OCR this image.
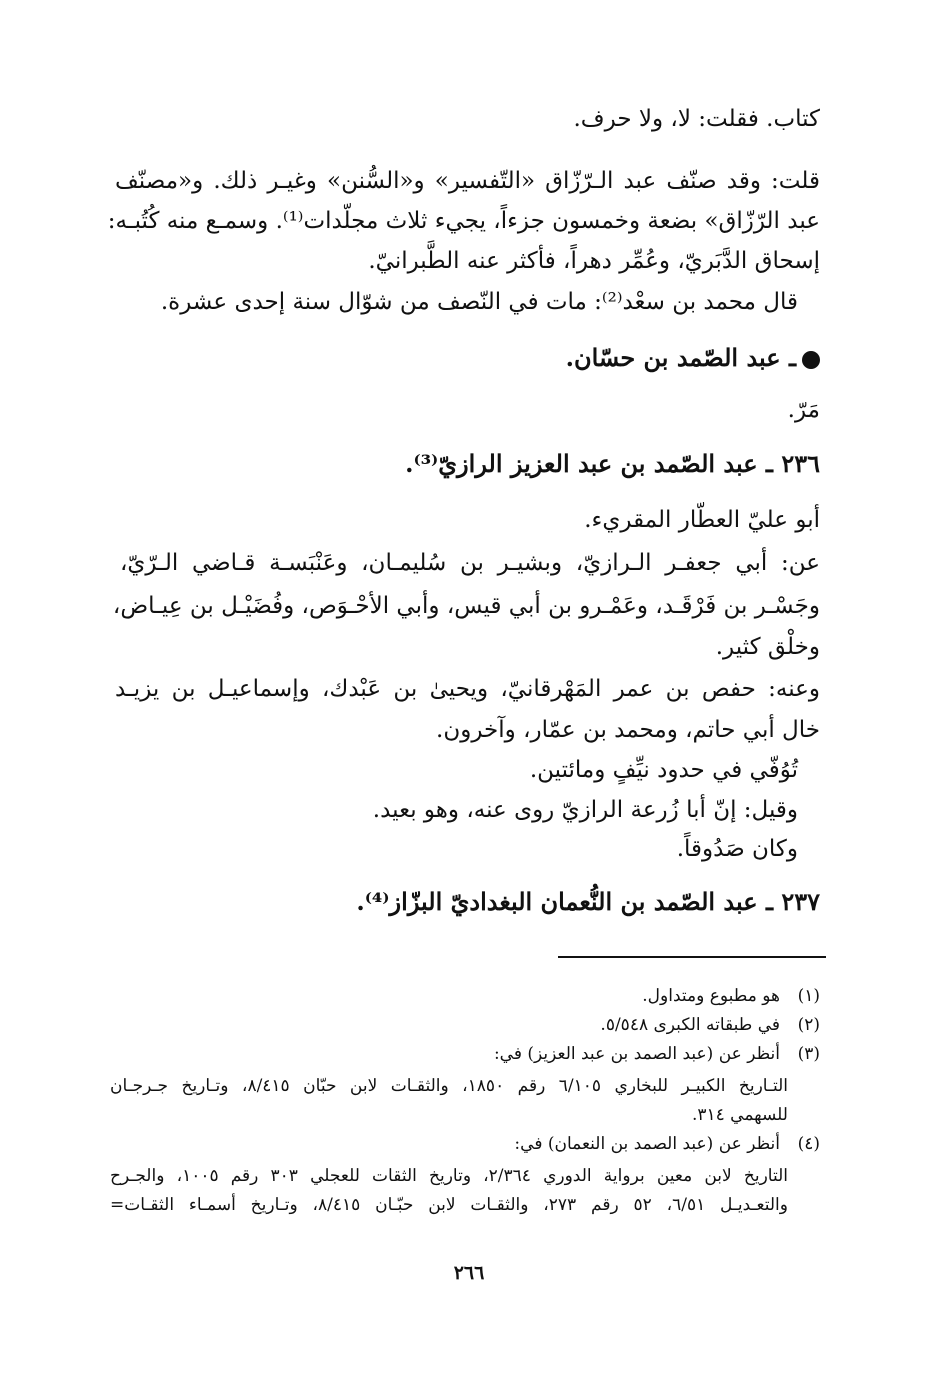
كتاب. فقلت: لا، ولا حرف.
قلت: وقد صنّف عبد الـرّزّاق «التّفسير» و«السُّنن» وغيـر ذلك. و«مصنّف
عبد الرّزّاق» بضعة وخمسون جزءاً، يجيء ثلاث مجلّدات⁽¹⁾. وسمـع منه كُتُبـه:
إسحاق الدَّبَريّ، وعُمِّر دهراً، فأكثر عنه الطَّبرانيّ.
قال محمد بن سعْد⁽²⁾: مات في النّصف من شوّال سنة إحدى عشرة.
ـ عبد الصّمد بن حسّان.
مَرّ.
٢٣٦ ـ عبد الصّمد بن عبد العزيز الرازيّ⁽³⁾.
أبو عليّ العطّار المقريء.
عن: أبي جعفـر الـرازيّ، وبشيـر بن سُليمـان، وعَنْبَسـة قـاضي الـرّيّ،
وجَسْـر بن فَرْقَـد، وعَمْـرو بن أبي قيس، وأبي الأحْـوَص، وفُضَيْـل بن عِيـاض،
وخلْق كثير.
وعنه: حفص بن عمر المَهْرقانيّ، ويحيىٰ بن عَبْدك، وإسماعيـل بن يزيـد
خال أبي حاتم، ومحمد بن عمّار، وآخرون.
تُوُفّي في حدود نيِّفٍ ومائتين.
وقيل: إنّ أبا زُرعة الرازيّ روى عنه، وهو بعيد.
وكان صَدُوقاً.
٢٣٧ ـ عبد الصّمد بن النُّعمان البغداديّ البزّاز⁽⁴⁾.
(١)هو مطبوع ومتداول.
(٢)في طبقاته الكبرى ٥/٥٤٨.
(٣)أنظر عن (عبد الصمد بن عبد العزيز) في:
التـاريخ الكبيـر للبخاري ٦/١٠٥ رقم ١٨٥٠، والثقـات لابن حبّان ٨/٤١٥، وتـاريخ جـرجـان
للسهمي ٣١٤.
(٤)أنظر عن (عبد الصمد بن النعمان) في:
التاريخ لابن معين برواية الدوري ٢/٣٦٤، وتاريخ الثقات للعجلي ٣٠٣ رقم ١٠٠٥، والجـرح
والتعـديـل ٦/٥١، ٥٢ رقم ٢٧٣، والثقـات لابن حبّـان ٨/٤١٥، وتـاريخ أسمـاء الثقـات=
٢٦٦
